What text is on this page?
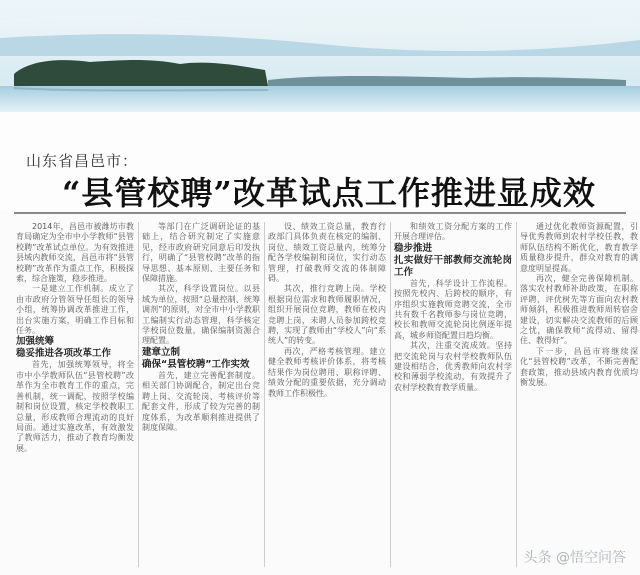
山东省昌邑市：
“县管校聘”改革试点工作推进显成效

2014年，昌邑市被潍坊市教育局确定为全市中小学教师“县管校聘”改革试点单位。为有效推进县域内教师交流，昌邑市将“县管校聘”改革作为重点工作，积极探索，综合施策，稳步推进。

一是建立工作机制。成立了由市政府分管领导任组长的领导小组，统筹协调改革推进工作，出台实施方案，明确工作目标和任务。

加强统筹

稳妥推进各项改革工作

首先，加强统筹领导，将全市中小学教师队伍“县管校聘”改革作为全市教育工作的重点，完善机制，统一调配，按照学校编制和岗位设置，核定学校教职工总量，形成教师合理流动的良好局面。通过实施改革，有效激发了教师活力，推动了教育均衡发展。

等部门在广泛调研论证的基础上，结合研究制定了实施意见，经市政府研究同意后印发执行，明确了“县管校聘”改革的指导思想、基本原则、主要任务和保障措施。

其次，科学设置岗位。以县域为单位，按照“总量控制、统筹调剂”的原则，对全市中小学教职工编制实行动态管理，科学核定学校岗位数量，确保编制资源合理配置。

建章立制

确保“县管校聘”工作实效

首先，建立完善配套制度。相关部门协调配合，制定出台竞聘上岗、交流轮岗、考核评价等配套文件，形成了较为完善的制度体系，为改革顺利推进提供了制度保障。

设、绩效工资总量，教育行政部门具体负责在核定的编制、岗位、绩效工资总量内，统筹分配各学校编制和岗位，实行动态管理，打破教师交流的体制障碍。

其次，推行竞聘上岗。学校根据岗位需求和教师履职情况，组织开展岗位竞聘，教师在校内竞聘上岗，未聘人员参加跨校竞聘，实现了教师由“学校人”向“系统人”的转变。

再次，严格考核管理。建立健全教师考核评价体系，将考核结果作为岗位聘用、职称评聘、绩效分配的重要依据，充分调动教师工作积极性。

和绩效工资分配方案的工作开展合理评估。

稳步推进

扎实做好干部教师交流轮岗工作

首先，科学设计工作流程。按照先校内、后跨校的顺序，有序组织实施教师竞聘交流，全市共有数千名教师参与岗位竞聘，校长和教师交流轮岗比例逐年提高，城乡师资配置日趋均衡。

其次，注重交流成效。坚持把交流轮岗与农村学校教师队伍建设相结合，优秀教师向农村学校和薄弱学校流动，有效提升了农村学校教育教学质量。

通过优化教师资源配置，引导优秀教师到农村学校任教，教师队伍结构不断优化，教育教学质量稳步提升，群众对教育的满意度明显提高。

再次，健全完善保障机制。落实农村教师补助政策，在职称评聘、评优树先等方面向农村教师倾斜，积极推进教师周转宿舍建设，切实解决交流教师的后顾之忧，确保教师“流得动、留得住、教得好”。

下一步，昌邑市将继续深化“县管校聘”改革，不断完善配套政策，推动县域内教育优质均衡发展。

头条 @悟空问答
